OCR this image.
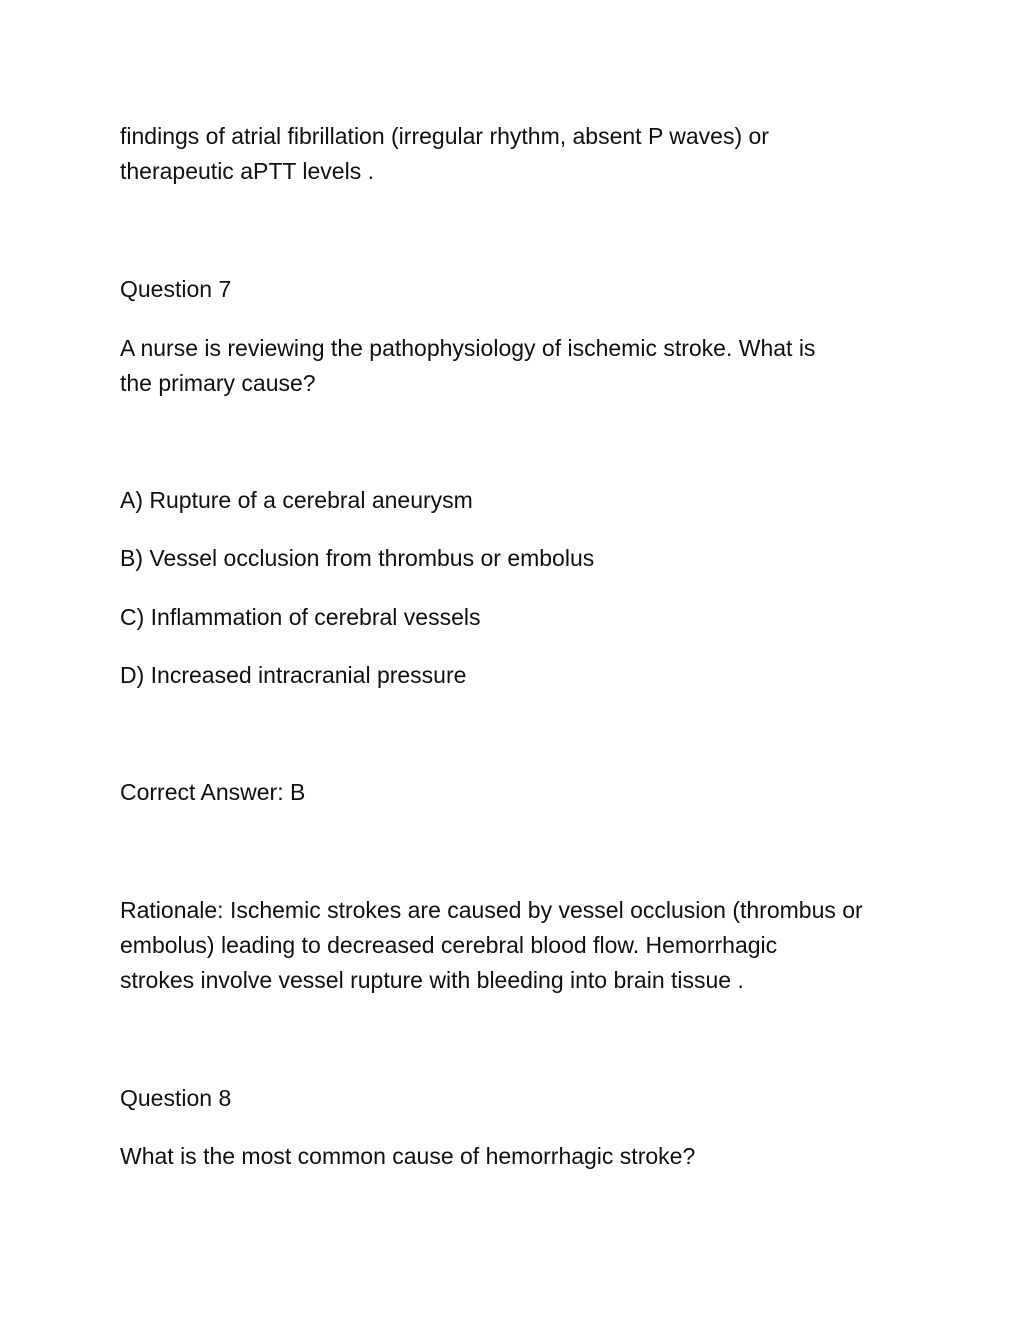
findings of atrial fibrillation (irregular rhythm, absent P waves) or
therapeutic aPTT levels .
Question 7
A nurse is reviewing the pathophysiology of ischemic stroke. What is
the primary cause?
A) Rupture of a cerebral aneurysm
B) Vessel occlusion from thrombus or embolus
C) Inflammation of cerebral vessels
D) Increased intracranial pressure
Correct Answer: B
Rationale: Ischemic strokes are caused by vessel occlusion (thrombus or
embolus) leading to decreased cerebral blood flow. Hemorrhagic
strokes involve vessel rupture with bleeding into brain tissue .
Question 8
What is the most common cause of hemorrhagic stroke?
